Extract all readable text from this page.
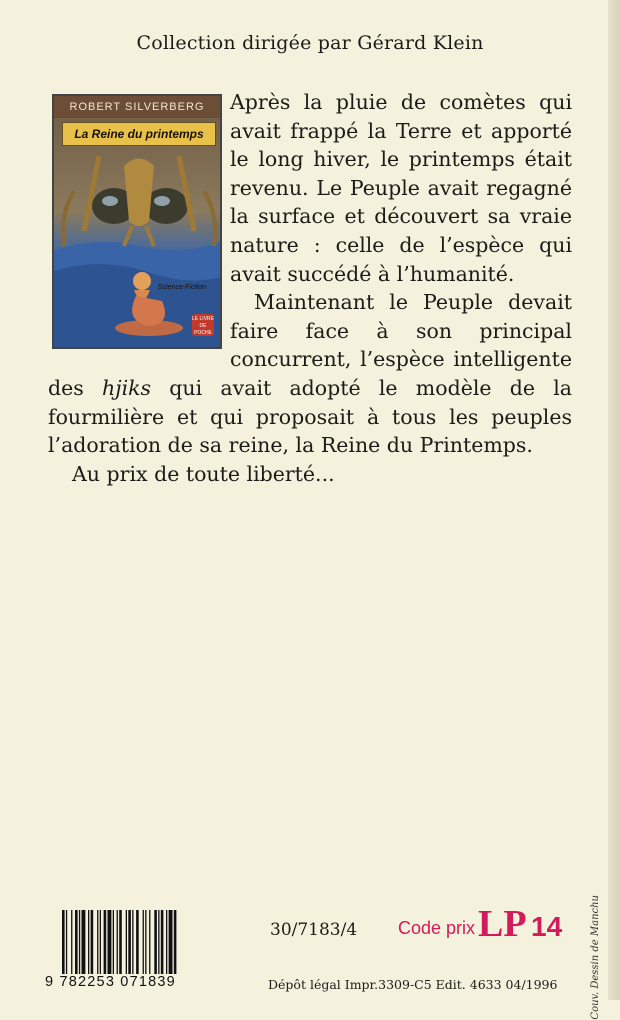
Collection dirigée par Gérard Klein
ROBERT SILVERBERG
La Reine du printemps
Science-Fiction
LE LIVRE DE POCHE

Après la pluie de comètes qui avait frappé la Terre et apporté le long hiver, le printemps était revenu. Le Peuple avait regagné la surface et découvert sa vraie nature : celle de l’espèce qui avait succédé à l’humanité.

Maintenant le Peuple devait faire face à son principal concurrent, l’espèce intelligente des hjiks qui avait adopté le modèle de la fourmilière et qui proposait à tous les peuples l’adoration de sa reine, la Reine du Printemps.

Au prix de toute liberté...

9 782253 071839
30/7183/4 Code prix LP 14
Dépôt légal Impr.3309-C5 Edit. 4633 04/1996	Couv. Dessin de Manchu
